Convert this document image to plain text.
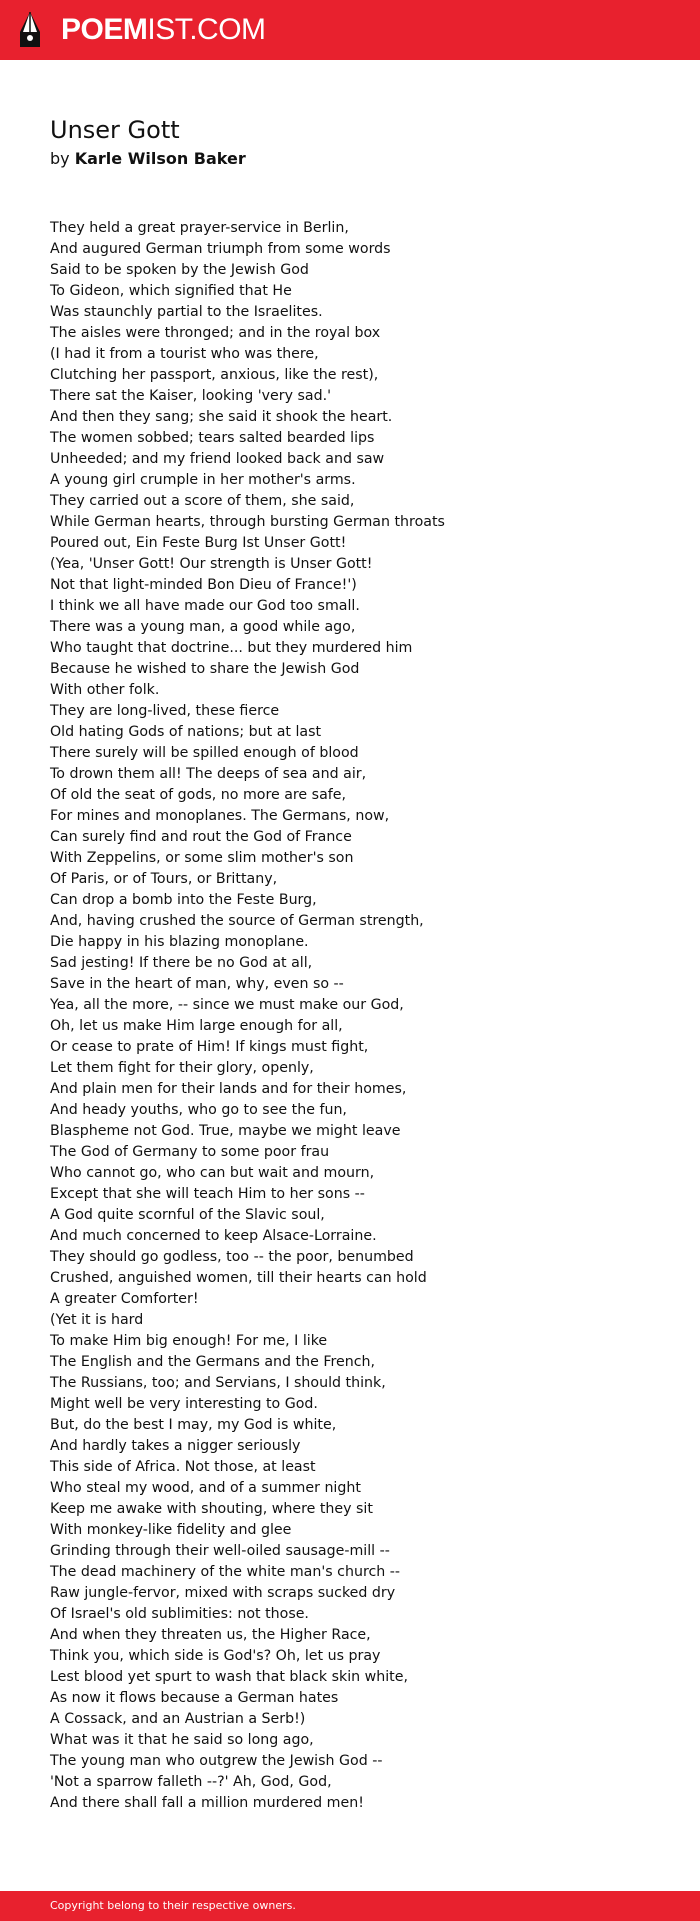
POEMIST.COM
Unser Gott
by Karle Wilson Baker
They held a great prayer-service in Berlin,
And augured German triumph from some words
Said to be spoken by the Jewish God
To Gideon, which signified that He
Was staunchly partial to the Israelites.
The aisles were thronged; and in the royal box
(I had it from a tourist who was there,
Clutching her passport, anxious, like the rest),
There sat the Kaiser, looking 'very sad.'
And then they sang; she said it shook the heart.
The women sobbed; tears salted bearded lips
Unheeded; and my friend looked back and saw
A young girl crumple in her mother's arms.
They carried out a score of them, she said,
While German hearts, through bursting German throats
Poured out, Ein Feste Burg Ist Unser Gott!
(Yea, 'Unser Gott! Our strength is Unser Gott!
Not that light-minded Bon Dieu of France!')
I think we all have made our God too small.
There was a young man, a good while ago,
Who taught that doctrine... but they murdered him
Because he wished to share the Jewish God
With other folk.
They are long-lived, these fierce
Old hating Gods of nations; but at last
There surely will be spilled enough of blood
To drown them all! The deeps of sea and air,
Of old the seat of gods, no more are safe,
For mines and monoplanes. The Germans, now,
Can surely find and rout the God of France
With Zeppelins, or some slim mother's son
Of Paris, or of Tours, or Brittany,
Can drop a bomb into the Feste Burg,
And, having crushed the source of German strength,
Die happy in his blazing monoplane.
Sad jesting! If there be no God at all,
Save in the heart of man, why, even so --
Yea, all the more, -- since we must make our God,
Oh, let us make Him large enough for all,
Or cease to prate of Him! If kings must fight,
Let them fight for their glory, openly,
And plain men for their lands and for their homes,
And heady youths, who go to see the fun,
Blaspheme not God. True, maybe we might leave
The God of Germany to some poor frau
Who cannot go, who can but wait and mourn,
Except that she will teach Him to her sons --
A God quite scornful of the Slavic soul,
And much concerned to keep Alsace-Lorraine.
They should go godless, too -- the poor, benumbed
Crushed, anguished women, till their hearts can hold
A greater Comforter!
(Yet it is hard
To make Him big enough! For me, I like
The English and the Germans and the French,
The Russians, too; and Servians, I should think,
Might well be very interesting to God.
But, do the best I may, my God is white,
And hardly takes a nigger seriously
This side of Africa. Not those, at least
Who steal my wood, and of a summer night
Keep me awake with shouting, where they sit
With monkey-like fidelity and glee
Grinding through their well-oiled sausage-mill --
The dead machinery of the white man's church --
Raw jungle-fervor, mixed with scraps sucked dry
Of Israel's old sublimities: not those.
And when they threaten us, the Higher Race,
Think you, which side is God's? Oh, let us pray
Lest blood yet spurt to wash that black skin white,
As now it flows because a German hates
A Cossack, and an Austrian a Serb!)
What was it that he said so long ago,
The young man who outgrew the Jewish God --
'Not a sparrow falleth --?' Ah, God, God,
And there shall fall a million murdered men!
Copyright belong to their respective owners.
